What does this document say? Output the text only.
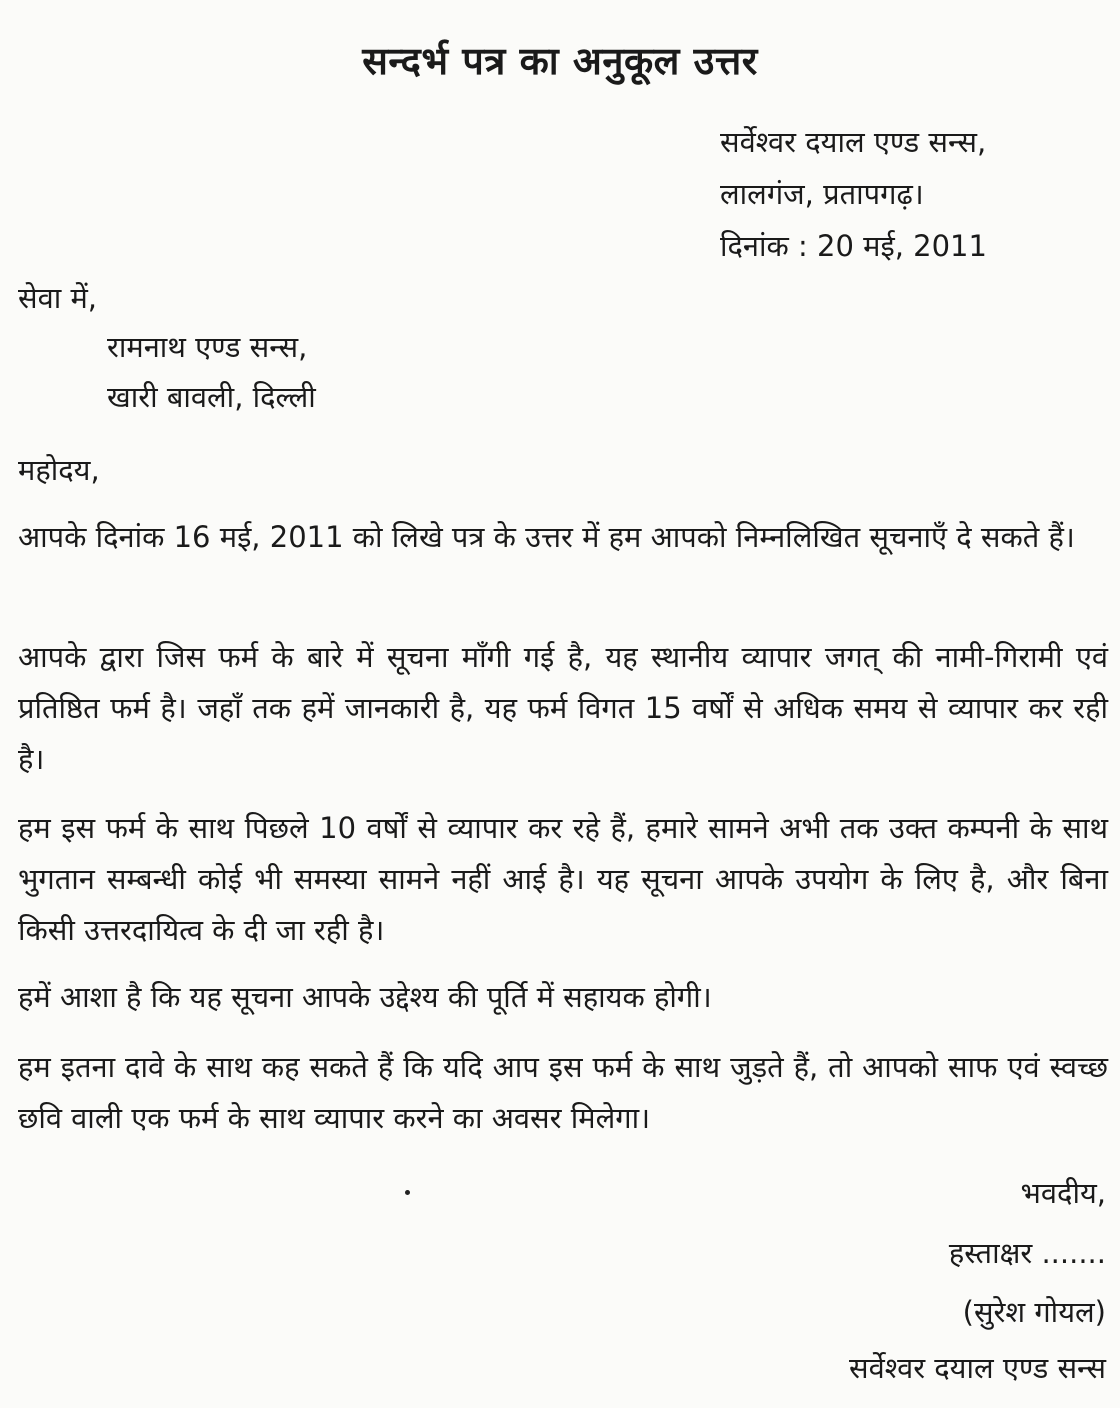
सन्दर्भ पत्र का अनुकूल उत्तर
सर्वेश्वर दयाल एण्ड सन्स,
लालगंज, प्रतापगढ़।
दिनांक : 20 मई, 2011
सेवा में,
रामनाथ एण्ड सन्स,
खारी बावली, दिल्ली
महोदय,
आपके दिनांक 16 मई, 2011 को लिखे पत्र के उत्तर में हम आपको निम्नलिखित सूचनाएँ दे सकते हैं।
आपके द्वारा जिस फर्म के बारे में सूचना माँगी गई है, यह स्थानीय व्यापार जगत् की नामी-गिरामी एवं प्रतिष्ठित फर्म है। जहाँ तक हमें जानकारी है, यह फर्म विगत 15 वर्षों से अधिक समय से व्यापार कर रही है।
हम इस फर्म के साथ पिछले 10 वर्षों से व्यापार कर रहे हैं, हमारे सामने अभी तक उक्त कम्पनी के साथ भुगतान सम्बन्धी कोई भी समस्या सामने नहीं आई है। यह सूचना आपके उपयोग के लिए है, और बिना किसी उत्तरदायित्व के दी जा रही है।
हमें आशा है कि यह सूचना आपके उद्देश्य की पूर्ति में सहायक होगी।
हम इतना दावे के साथ कह सकते हैं कि यदि आप इस फर्म के साथ जुड़ते हैं, तो आपको साफ एवं स्वच्छ छवि वाली एक फर्म के साथ व्यापार करने का अवसर मिलेगा।
भवदीय,
हस्ताक्षर .......
(सुरेश गोयल)
सर्वेश्वर दयाल एण्ड सन्स
